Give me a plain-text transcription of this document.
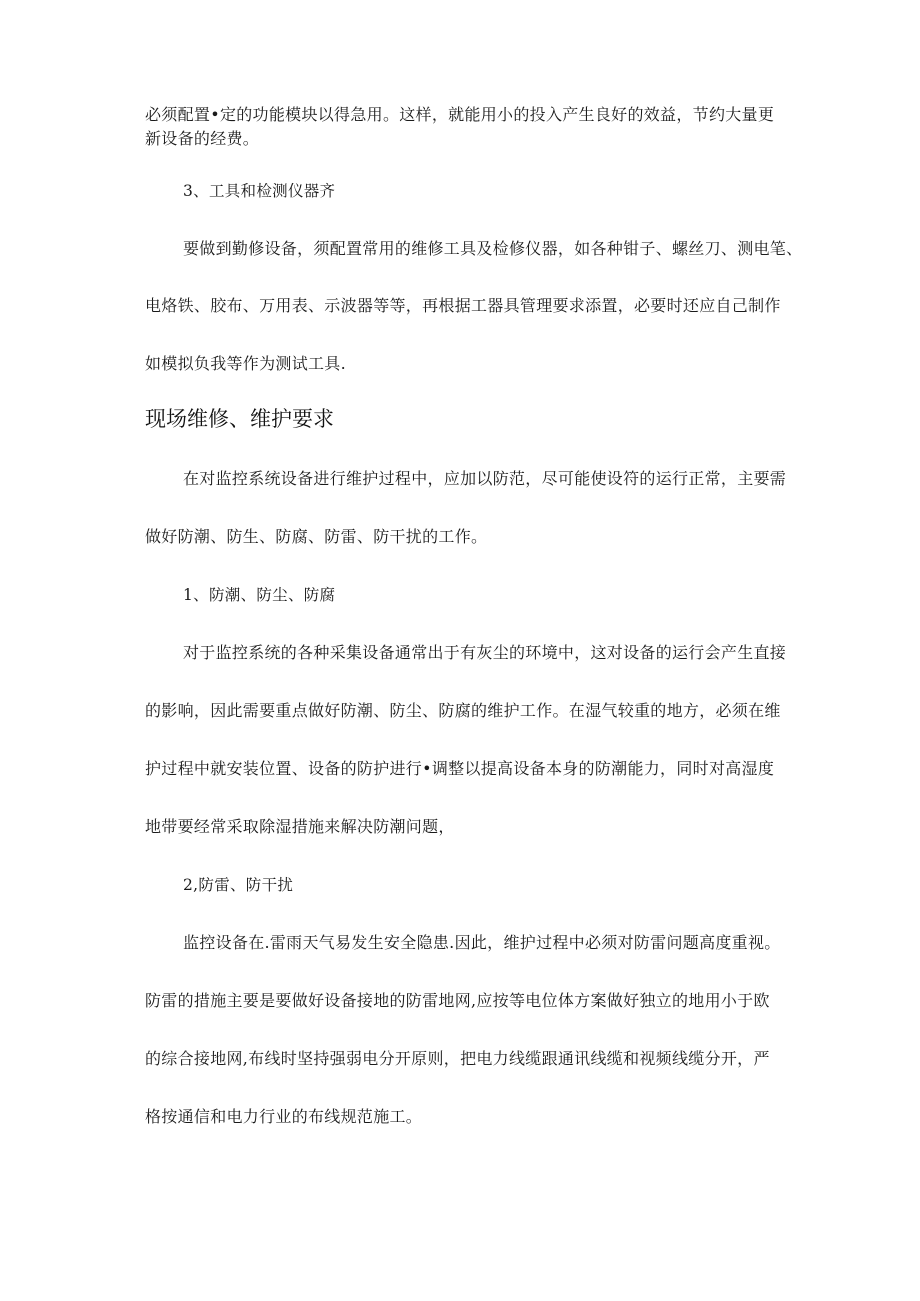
必须配置•定的功能模块以得急用。这样，就能用小的投入产生良好的效益，节约大量更
新设备的经费。
3、工具和检测仪器齐
要做到勤修设备，须配置常用的维修工具及检修仪器，如各种钳子、螺丝刀、测电笔、
电烙铁、胶布、万用表、示波器等等，再根据工器具管理要求添置，必要时还应自己制作
如模拟负我等作为测试工具.
现场维修、维护要求
在对监控系统设备进行维护过程中，应加以防范，尽可能使设符的运行正常，主要需
做好防潮、防生、防腐、防雷、防干扰的工作。
1、防潮、防尘、防腐
对于监控系统的各种采集设备通常出于有灰尘的环境中，这对设备的运行会产生直接
的影响，因此需要重点做好防潮、防尘、防腐的维护工作。在湿气较重的地方，必须在维
护过程中就安装位置、设备的防护进行•调整以提高设备本身的防潮能力，同时对高湿度
地带要经常采取除湿措施来解决防潮问题，
2,防雷、防干扰
监控设备在.雷雨天气易发生安全隐患.因此，维护过程中必须对防雷问题高度重视。
防雷的措施主要是要做好设备接地的防雷地网,应按等电位体方案做好独立的地用小于欧
的综合接地网,布线时坚持强弱电分开原则，把电力线缆跟通讯线缆和视频线缆分开，严
格按通信和电力行业的布线规范施工。
